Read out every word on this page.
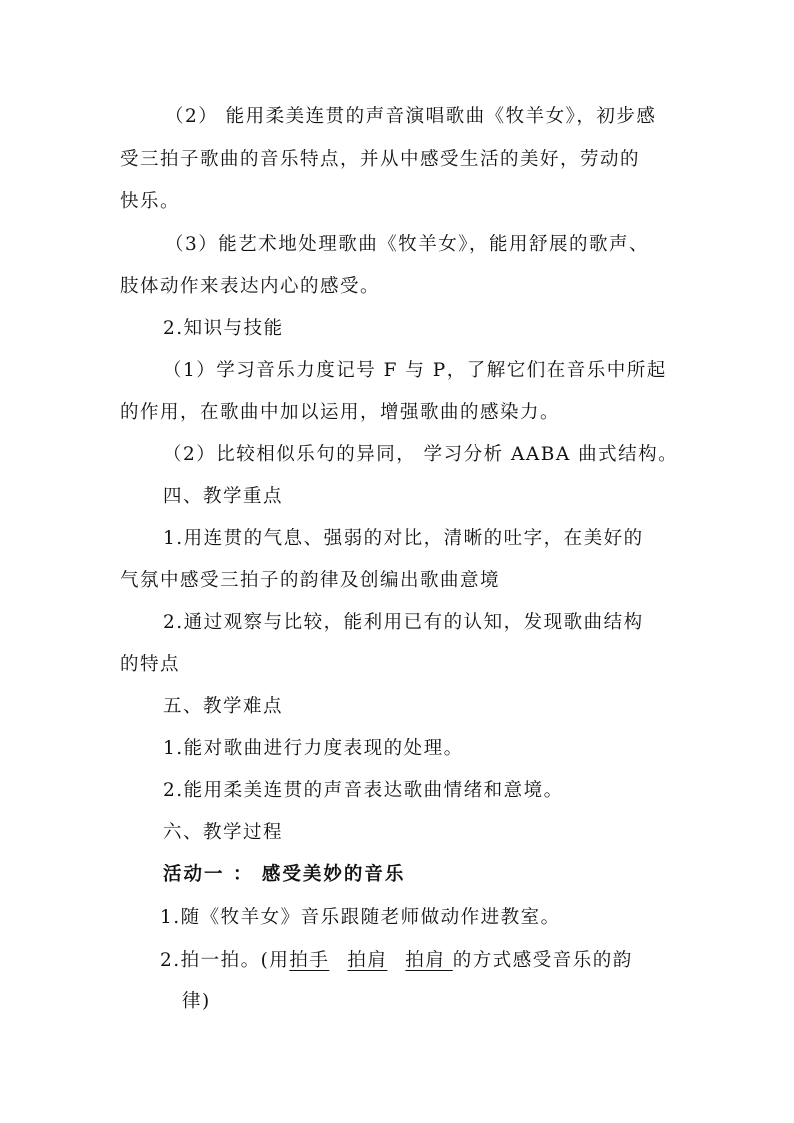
（2） 能用柔美连贯的声音演唱歌曲《牧羊女》，初步感
受三拍子歌曲的音乐特点，并从中感受生活的美好，劳动的
快乐。
（3）能艺术地处理歌曲《牧羊女》，能用舒展的歌声、
肢体动作来表达内心的感受。
2.知识与技能
（1）学习音乐力度记号 F 与 P，了解它们在音乐中所起
的作用，在歌曲中加以运用，增强歌曲的感染力。
（2）比较相似乐句的异同， 学习分析 AABA 曲式结构。
四、教学重点
1.用连贯的气息、强弱的对比，清晰的吐字，在美好的
气氛中感受三拍子的韵律及创编出歌曲意境
2.通过观察与比较，能利用已有的认知，发现歌曲结构
的特点
五、教学难点
1.能对歌曲进行力度表现的处理。
2.能用柔美连贯的声音表达歌曲情绪和意境。
六、教学过程
活动一 ： 感受美妙的音乐
1.随《牧羊女》音乐跟随老师做动作进教室。
2.拍一拍。(用拍手 拍肩 拍肩 的方式感受音乐的韵
律)
